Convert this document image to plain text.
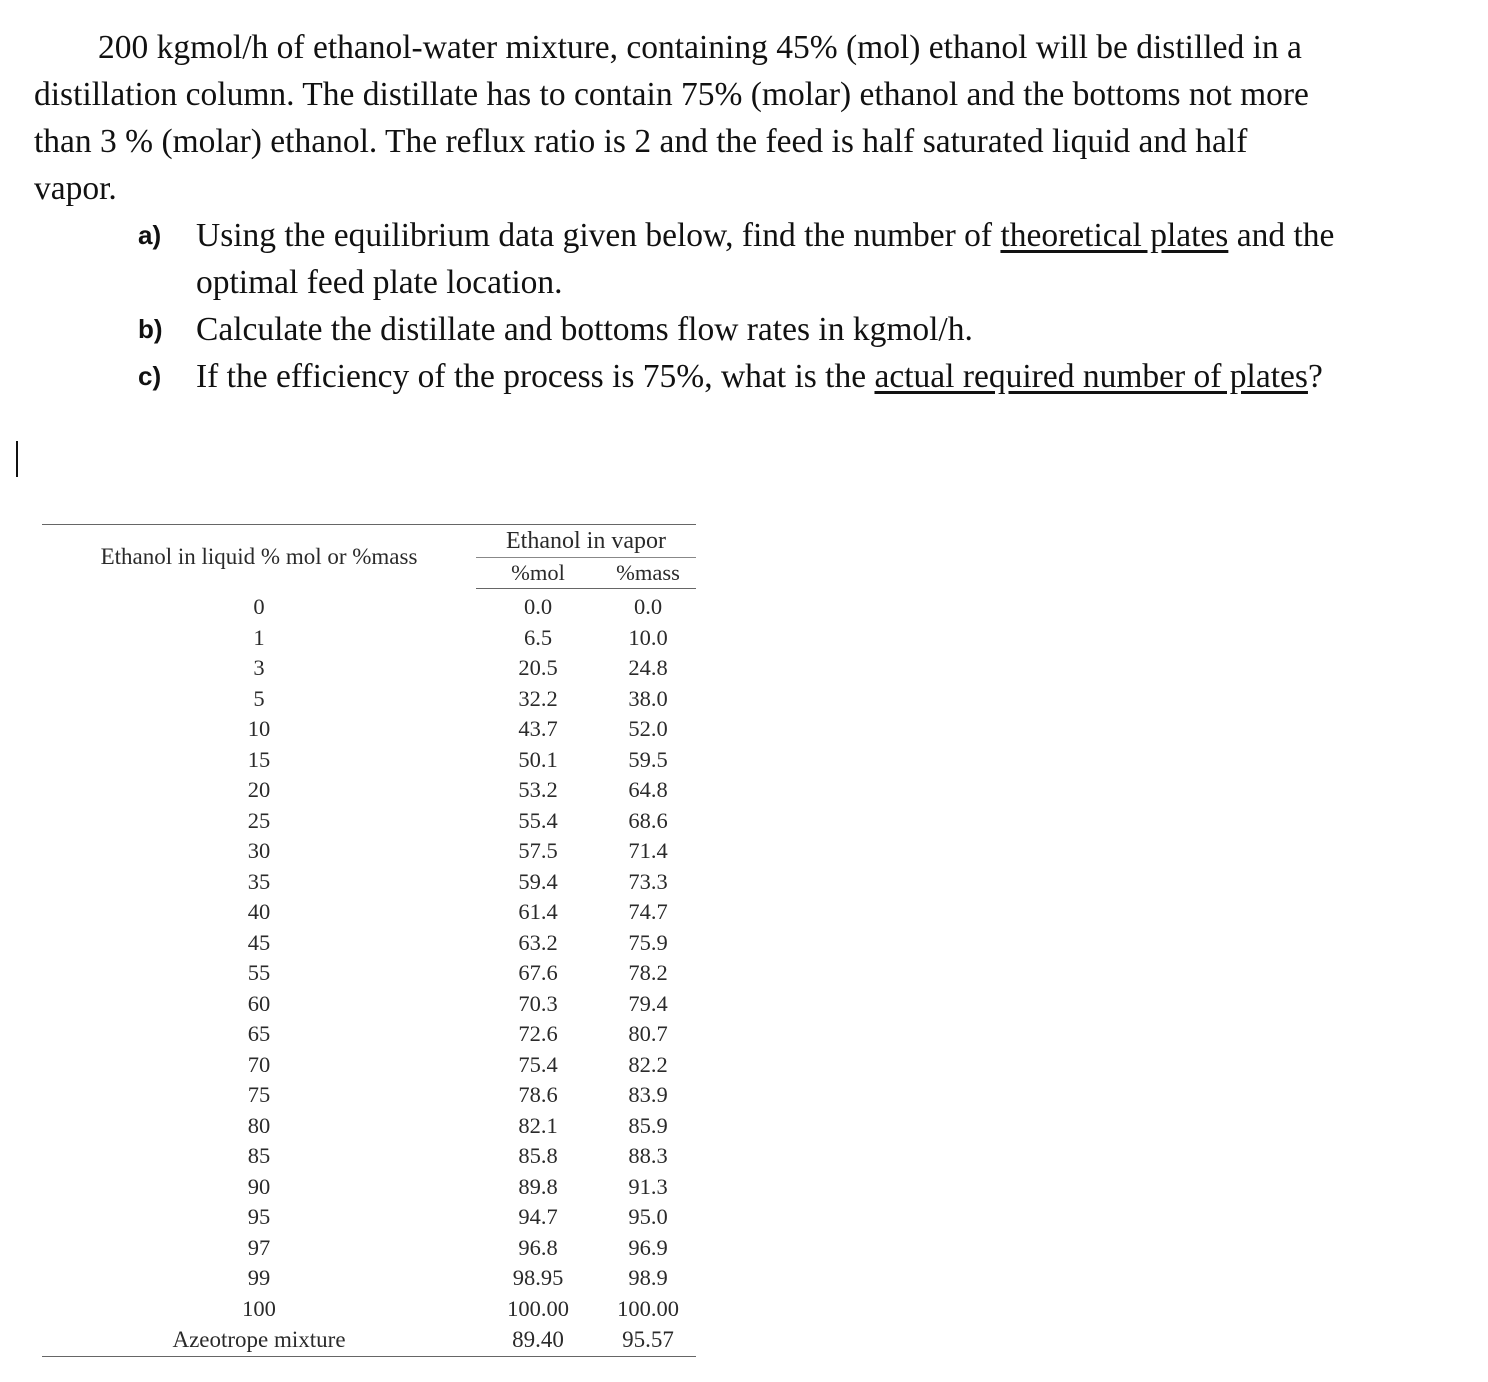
200 kgmol/h of ethanol-water mixture, containing 45% (mol) ethanol will be distilled in a distillation column. The distillate has to contain 75% (molar) ethanol and the bottoms not more than 3 % (molar) ethanol. The reflux ratio is 2 and the feed is half saturated liquid and half vapor.

a) Using the equilibrium data given below, find the number of theoretical plates and the optimal feed plate location.
b) Calculate the distillate and bottoms flow rates in kgmol/h.
c) If the efficiency of the process is 75%, what is the actual required number of plates?
Ethanol in liquid % mol or %mass	Ethanol in vapor	
	%mol	%mass
0	0.0	0.0
1	6.5	10.0
3	20.5	24.8
5	32.2	38.0
10	43.7	52.0
15	50.1	59.5
20	53.2	64.8
25	55.4	68.6
30	57.5	71.4
35	59.4	73.3
40	61.4	74.7
45	63.2	75.9
55	67.6	78.2
60	70.3	79.4
65	72.6	80.7
70	75.4	82.2
75	78.6	83.9
80	82.1	85.9
85	85.8	88.3
90	89.8	91.3
95	94.7	95.0
97	96.8	96.9
99	98.95	98.9
100	100.00	100.00
Azeotrope mixture	89.40	95.57
